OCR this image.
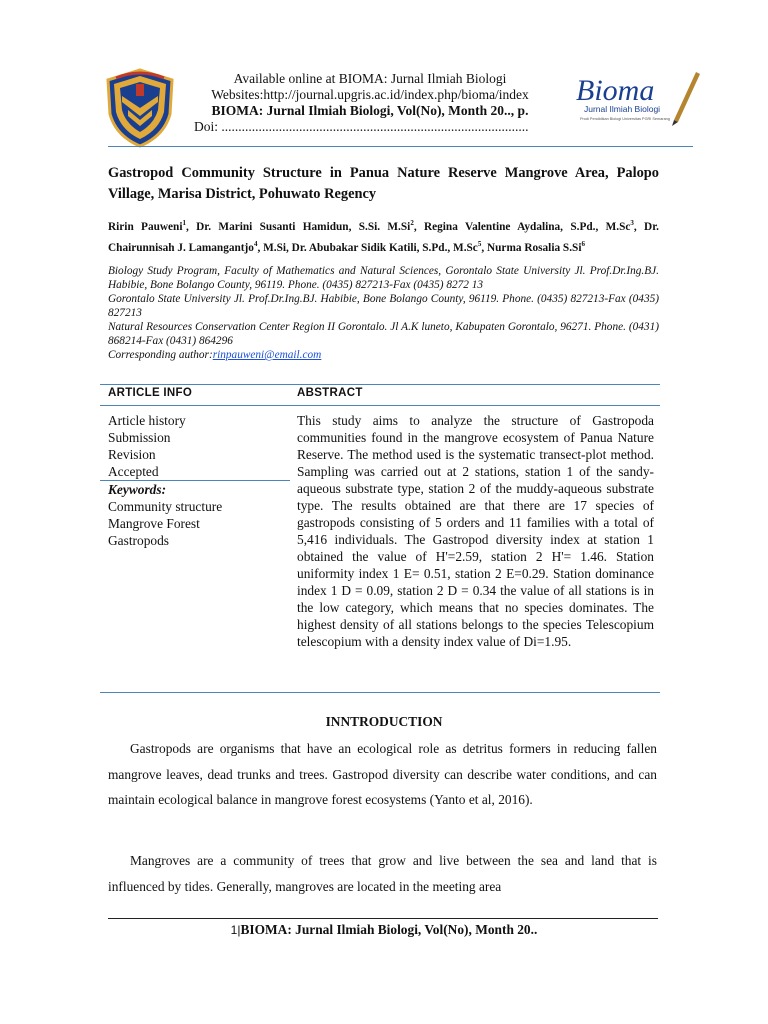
Available online at BIOMA: Jurnal Ilmiah Biologi
Websites:http://journal.upgris.ac.id/index.php/bioma/index
BIOMA: Jurnal Ilmiah Biologi, Vol(No), Month 20.., p.
Doi: ...........................................................................................
Bioma
Jurnal Ilmiah Biologi
Prodi Pendidikan Biologi Universitas PGRI Semarang
Gastropod Community Structure in Panua Nature Reserve Mangrove Area, Palopo Village, Marisa District, Pohuwato Regency
Ririn Pauweni$^1$, Dr. Marini Susanti Hamidun, S.Si. M.Si$^2$, Regina Valentine Aydalina, S.Pd., M.Sc$^3$, Dr. Chairunnisah J. Lamangantjo$^4$, M.Si, Dr. Abubakar Sidik Katili, S.Pd., M.Sc$^5$, Nurma Rosalia S.Si$^6$
Biology Study Program, Faculty of Mathematics and Natural Sciences, Gorontalo State University Jl. Prof.Dr.Ing.BJ. Habibie, Bone Bolango County, 96119. Phone. (0435) 827213-Fax (0435) 8272 13
Gorontalo State University Jl. Prof.Dr.Ing.BJ. Habibie, Bone Bolango County, 96119. Phone. (0435) 827213-Fax (0435) 827213
Natural Resources Conservation Center Region II Gorontalo. Jl A.K luneto, Kabupaten Gorontalo, 96271. Phone. (0431) 868214-Fax (0431) 864296
Corresponding author:rinpauweni@email.com
ARTICLE INFO	ABSTRACT
Article history
Submission
Revision
Accepted
Keywords:
Community structure
Mangrove Forest
Gastropods
This study aims to analyze the structure of Gastropoda communities found in the mangrove ecosystem of Panua Nature Reserve. The method used is the systematic transect-plot method. Sampling was carried out at 2 stations, station 1 of the sandy-aqueous substrate type, station 2 of the muddy-aqueous substrate type. The results obtained are that there are 17 species of gastropods consisting of 5 orders and 11 families with a total of 5,416 individuals. The Gastropod diversity index at station 1 obtained the value of H'=2.59, station 2 H'= 1.46. Station uniformity index 1 E= 0.51, station 2 E=0.29. Station dominance index 1 D = 0.09, station 2 D = 0.34 the value of all stations is in the low category, which means that no species dominates. The highest density of all stations belongs to the species Telescopium telescopium with a density index value of Di=1.95.
INNTRODUCTION
Gastropods are organisms that have an ecological role as detritus formers in reducing fallen mangrove leaves, dead trunks and trees. Gastropod diversity can describe water conditions, and can maintain ecological balance in mangrove forest ecosystems (Yanto et al, 2016).
Mangroves are a community of trees that grow and live between the sea and land that is influenced by tides. Generally, mangroves are located in the meeting area
1|BIOMA: Jurnal Ilmiah Biologi, Vol(No), Month 20..
